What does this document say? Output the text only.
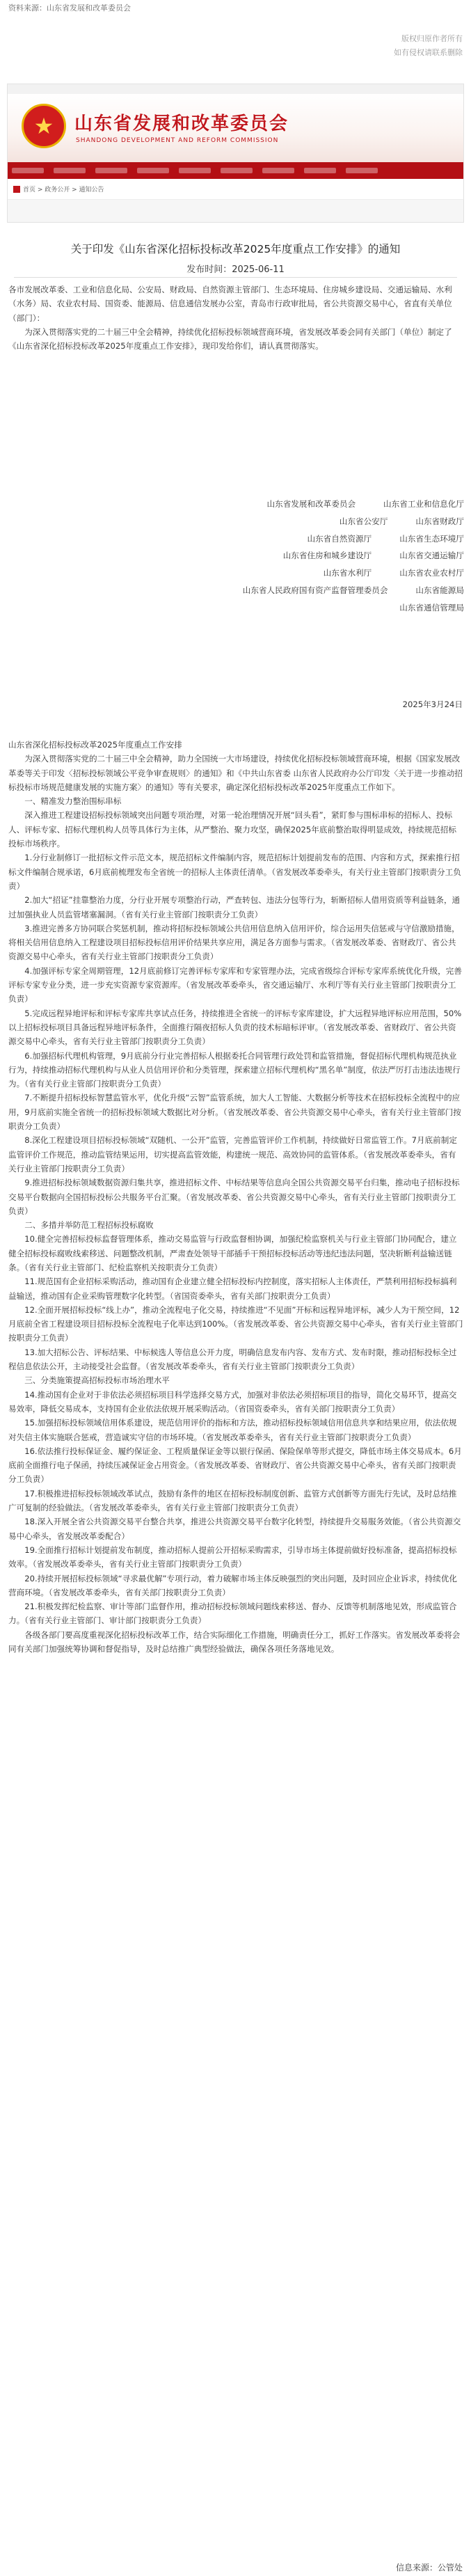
资料来源：山东省发展和改革委员会
版权归原作者所有
如有侵权请联系删除
★ 山东省发展和改革委员会
SHANDONG DEVELOPMENT AND REFORM COMMISSION
首页 > 政务公开 > 通知公告
关于印发《山东省深化招标投标改革2025年度重点工作安排》的通知
发布时间：2025-06-11

各市发展改革委、工业和信息化局、公安局、财政局、自然资源主管部门、生态环境局、住房城乡建设局、交通运输局、水利（水务）局、农业农村局、国资委、能源局、信息通信发展办公室，青岛市行政审批局，省公共资源交易中心，省直有关单位（部门）：

为深入贯彻落实党的二十届三中全会精神，持续优化招标投标领域营商环境，省发展改革委会同有关部门（单位）制定了《山东省深化招标投标改革2025年度重点工作安排》，现印发给你们，请认真贯彻落实。

山东省发展和改革委员会	山东省工业和信息化厅
山东省公安厅	山东省财政厅
山东省自然资源厅	山东省生态环境厅
山东省住房和城乡建设厅	山东省交通运输厅
山东省水利厅	山东省农业农村厅
山东省人民政府国有资产监督管理委员会	山东省能源局
山东省通信管理局
2025年3月24日

山东省深化招标投标改革2025年度重点工作安排

为深入贯彻落实党的二十届三中全会精神，助力全国统一大市场建设，持续优化招标投标领域营商环境，根据《国家发展改革委等关于印发〈招标投标领域公平竞争审查规则〉的通知》和《中共山东省委 山东省人民政府办公厅印发〈关于进一步推动招标投标市场规范健康发展的实施方案〉的通知》等有关要求，确定深化招标投标改革2025年度重点工作如下。

一、精准发力整治围标串标

深入推进工程建设招标投标领域突出问题专项治理，对第一轮治理情况开展“回头看”，紧盯参与围标串标的招标人、投标人、评标专家、招标代理机构人员等具体行为主体，从严整治、聚力攻坚，确保2025年底前整治取得明显成效，持续规范招标投标市场秩序。

1.分行业制修订一批招标文件示范文本，规范招标文件编制内容，规范招标计划提前发布的范围、内容和方式，探索推行招标文件编制合规承诺，6月底前梳理发布全省统一的招标人主体责任清单。（省发展改革委牵头，有关行业主管部门按职责分工负责）

2.加大“招证”挂靠整治力度，分行业开展专项整治行动，严查转包、违法分包等行为，斩断招标人借用资质等利益链条，通过加强执业人员监管堵塞漏洞。（省有关行业主管部门按职责分工负责）

3.推进完善多方协同联合奖惩机制，推动将招标投标领域公共信用信息纳入信用评价，综合运用失信惩戒与守信激励措施，将相关信用信息纳入工程建设项目招标投标信用评价结果共享应用，满足各方面参与需求。（省发展改革委、省财政厅、省公共资源交易中心牵头，省有关行业主管部门按职责分工负责）

4.加强评标专家全周期管理，12月底前修订完善评标专家库和专家管理办法，完成省级综合评标专家库系统优化升级，完善评标专家专业分类，进一步充实资源专家资源库。（省发展改革委牵头，省交通运输厅、水利厅等有关行业主管部门按职责分工负责）

5.完成远程异地评标和评标专家库共享试点任务，持续推进全省统一的评标专家库建设，扩大远程异地评标应用范围，50%以上招标投标项目具备远程异地评标条件，全面推行隔夜招标人负责的技术标暗标评审。（省发展改革委、省财政厅、省公共资源交易中心牵头，省有关行业主管部门按职责分工负责）

6.加强招标代理机构管理，9月底前分行业完善招标人根据委托合同管理行政处罚和监管措施，督促招标代理机构规范执业行为，持续推动招标代理机构与从业人员信用评价和分类管理，探索建立招标代理机构“黑名单”制度，依法严厉打击违法违规行为。（省有关行业主管部门按职责分工负责）

7.不断提升招标投标智慧监管水平，优化升级“云智”监管系统，加大人工智能、大数据分析等技术在招标投标全流程中的应用，9月底前实施全省统一的招标投标领域大数据比对分析。（省发展改革委、省公共资源交易中心牵头，省有关行业主管部门按职责分工负责）

8.深化工程建设项目招标投标领域“双随机、一公开”监管，完善监管评价工作机制，持续做好日常监管工作。7月底前制定监管评价工作规范，推动监管结果运用，切实提高监管效能，构建统一规范、高效协同的监管体系。（省发展改革委牵头，省有关行业主管部门按职责分工负责）

9.推进招标投标领域数据资源归集共享，推进招标文件、中标结果等信息向全国公共资源交易平台归集，推动电子招标投标交易平台数据向全国招标投标公共服务平台汇聚。（省发展改革委、省公共资源交易中心牵头，省有关行业主管部门按职责分工负责）

二、多措并举防范工程招标投标腐败

10.健全完善招标投标监督管理体系，推动交易监管与行政监督相协调，加强纪检监察机关与行业主管部门协同配合，建立健全招标投标腐败线索移送、问题整改机制，严肃查处领导干部插手干预招标投标活动等违纪违法问题，坚决斩断利益输送链条。（省有关行业主管部门、纪检监察机关按职责分工负责）

11.规范国有企业招标采购活动，推动国有企业建立健全招标投标内控制度，落实招标人主体责任，严禁利用招标投标搞利益输送，推动国有企业采购管理数字化转型。（省国资委牵头，省有关部门按职责分工负责）

12.全面开展招标投标“线上办”，推动全流程电子化交易，持续推进“不见面”开标和远程异地评标，减少人为干预空间，12月底前全省工程建设项目招标投标全流程电子化率达到100%。（省发展改革委、省公共资源交易中心牵头，省有关行业主管部门按职责分工负责）

13.加大招标公告、评标结果、中标候选人等信息公开力度，明确信息发布内容、发布方式、发布时限，推动招标投标全过程信息依法公开，主动接受社会监督。（省发展改革委牵头，省有关行业主管部门按职责分工负责）

三、分类施策提高招标投标市场治理水平

14.推动国有企业对于非依法必须招标项目科学选择交易方式，加强对非依法必须招标项目的指导，简化交易环节，提高交易效率，降低交易成本，支持国有企业依法依规开展采购活动。（省国资委牵头，省有关部门按职责分工负责）

15.加强招标投标领域信用体系建设，规范信用评价的指标和方法，推动招标投标领域信用信息共享和结果应用，依法依规对失信主体实施联合惩戒，营造诚实守信的市场环境。（省发展改革委牵头，省有关行业主管部门按职责分工负责）

16.依法推行投标保证金、履约保证金、工程质量保证金等以银行保函、保险保单等形式提交，降低市场主体交易成本。6月底前全面推行电子保函，持续压减保证金占用资金。（省发展改革委、省财政厅、省公共资源交易中心牵头，省有关部门按职责分工负责）

17.积极推进招标投标领域改革试点，鼓励有条件的地区在招标投标制度创新、监管方式创新等方面先行先试，及时总结推广可复制的经验做法。（省发展改革委牵头，省有关行业主管部门按职责分工负责）

18.深入开展全省公共资源交易平台整合共享，推进公共资源交易平台数字化转型，持续提升交易服务效能。（省公共资源交易中心牵头，省发展改革委配合）

19.全面推行招标计划提前发布制度，推动招标人提前公开招标采购需求，引导市场主体提前做好投标准备，提高招标投标效率。（省发展改革委牵头，省有关行业主管部门按职责分工负责）

20.持续开展招标投标领域“寻求最优解”专项行动，着力破解市场主体反映强烈的突出问题，及时回应企业诉求，持续优化营商环境。（省发展改革委牵头，省有关部门按职责分工负责）

21.积极发挥纪检监察、审计等部门监督作用，推动招标投标领域问题线索移送、督办、反馈等机制落地见效，形成监管合力。（省有关行业主管部门、审计部门按职责分工负责）

各级各部门要高度重视深化招标投标改革工作，结合实际细化工作措施，明确责任分工，抓好工作落实。省发展改革委将会同有关部门加强统筹协调和督促指导，及时总结推广典型经验做法，确保各项任务落地见效。

信息来源：公管处
